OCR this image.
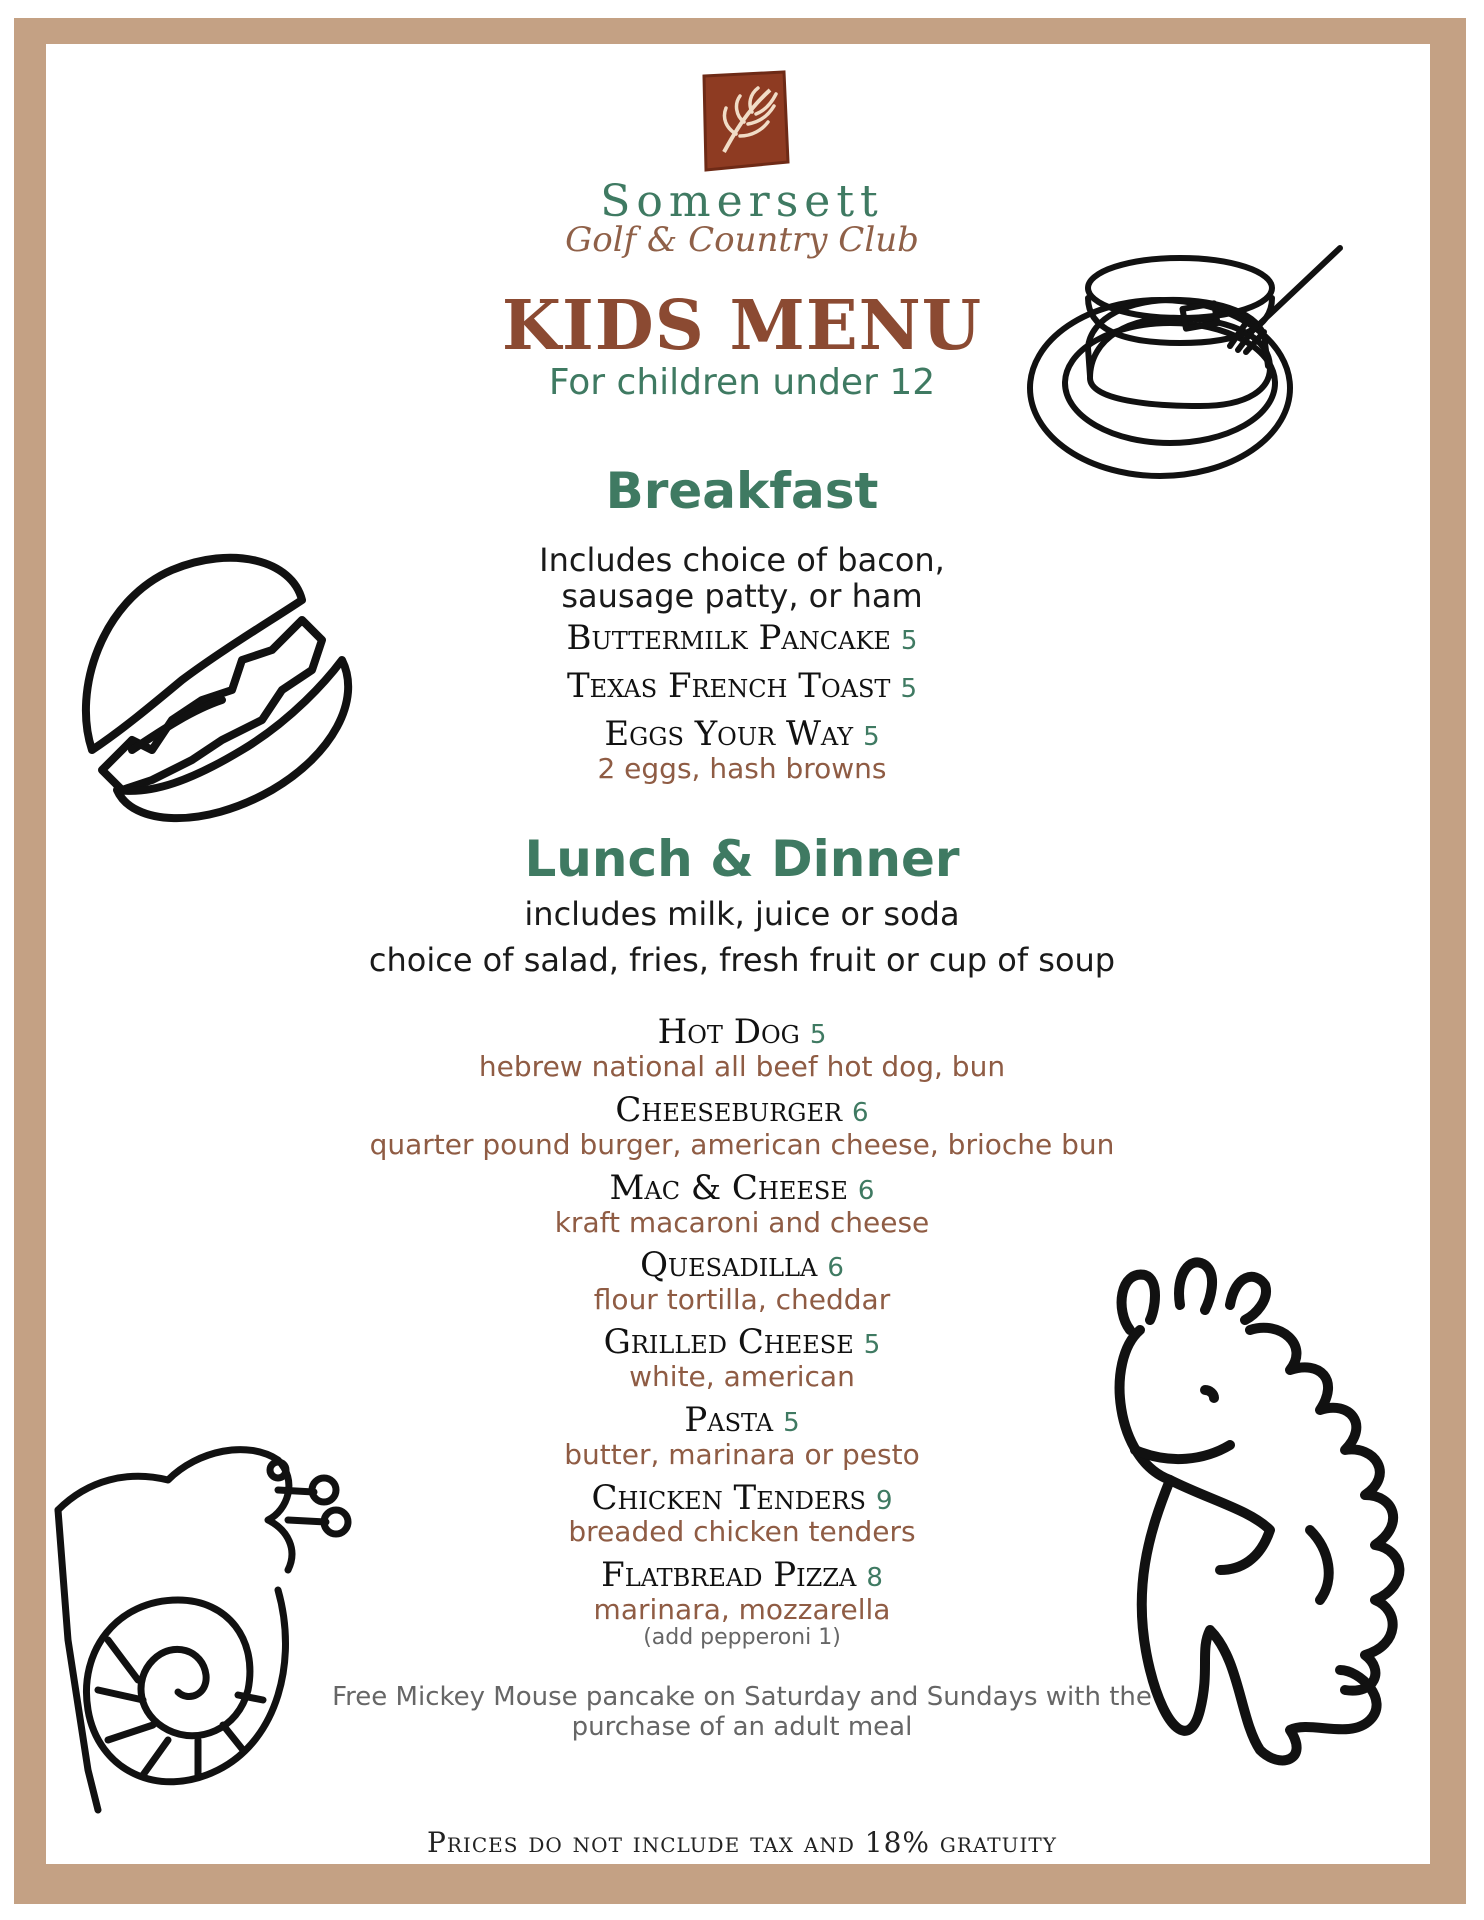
Somersett
Golf & Country Club
KIDS MENU
For children under 12
Breakfast
Includes choice of bacon,
sausage patty, or ham
Buttermilk Pancake 5
Texas French Toast 5
Eggs Your Way 5
2 eggs, hash browns
Lunch & Dinner
includes milk, juice or soda
choice of salad, fries, fresh fruit or cup of soup
Hot Dog 5
hebrew national all beef hot dog, bun
Cheeseburger 6
quarter pound burger, american cheese, brioche bun
Mac & Cheese 6
kraft macaroni and cheese
Quesadilla 6
flour tortilla, cheddar
Grilled Cheese 5
white, american
Pasta 5
butter, marinara or pesto
Chicken Tenders 9
breaded chicken tenders
Flatbread Pizza 8
marinara, mozzarella
(add pepperoni 1)
Free Mickey Mouse pancake on Saturday and Sundays with the
purchase of an adult meal
Prices do not include tax and 18% gratuity
